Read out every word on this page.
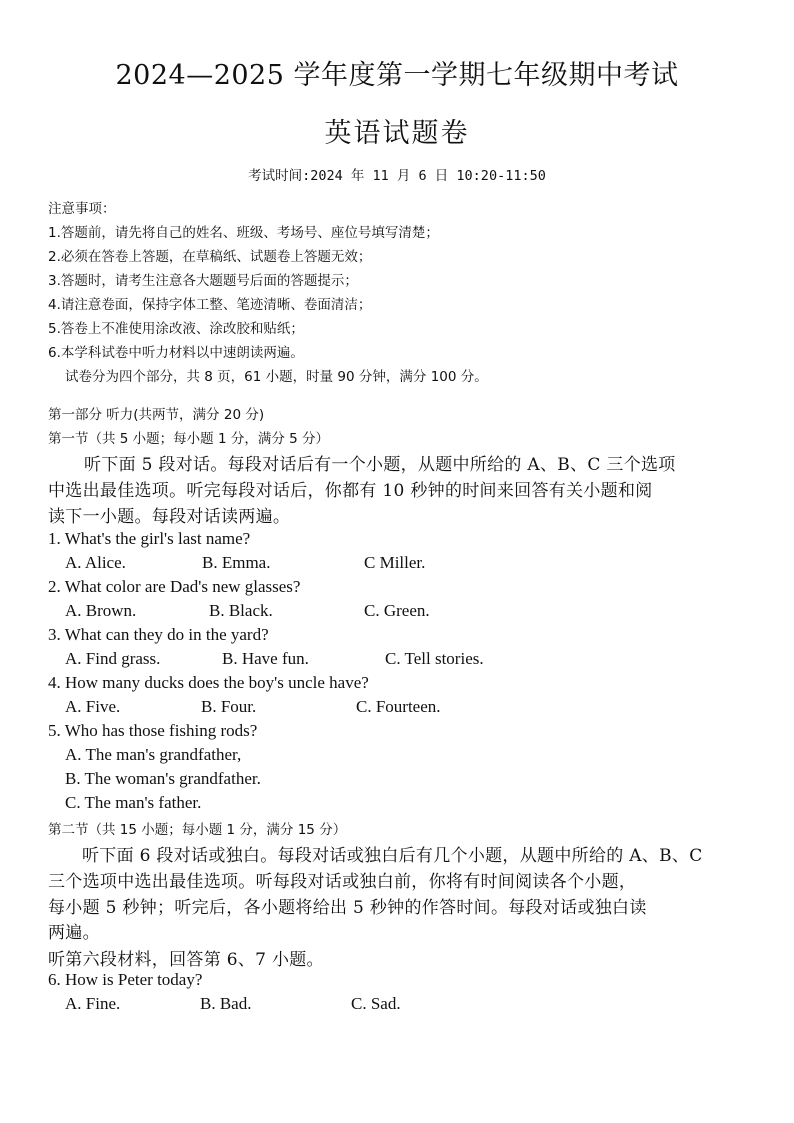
2024—2025 学年度第一学期七年级期中考试
英语试题卷
考试时间:2024 年 11 月 6 日 10:20-11:50
注意事项：
1.答题前，请先将自己的姓名、班级、考场号、座位号填写清楚；
2.必须在答卷上答题，在草稿纸、试题卷上答题无效；
3.答题时，请考生注意各大题题号后面的答题提示；
4.请注意卷面，保持字体工整、笔迹清晰、卷面清洁；
5.答卷上不准使用涂改液、涂改胶和贴纸；
6.本学科试卷中听力材料以中速朗读两遍。
试卷分为四个部分，共 8 页，61 小题，时量 90 分钟，满分 100 分。
第一部分 听力(共两节，满分 20 分)
第一节（共 5 小题；每小题 1 分，满分 5 分）
听下面 5 段对话。每段对话后有一个小题，从题中所给的 A、B、C 三个选项
中选出最佳选项。听完每段对话后，你都有 10 秒钟的时间来回答有关小题和阅
读下一小题。每段对话读两遍。
1. What's the girl's last name?
A. Alice.	B. Emma.	C Miller.
2. What color are Dad's new glasses?
A. Brown.	B. Black.	C. Green.
3. What can they do in the yard?
A. Find grass.	B. Have fun.	C. Tell stories.
4. How many ducks does the boy's uncle have?
A. Five.	B. Four.	C. Fourteen.
5. Who has those fishing rods?
A. The man's grandfather,
B. The woman's grandfather.
C. The man's father.
第二节（共 15 小题；每小题 1 分，满分 15 分）
听下面 6 段对话或独白。每段对话或独白后有几个小题，从题中所给的 A、B、C
三个选项中选出最佳选项。听每段对话或独白前，你将有时间阅读各个小题，
每小题 5 秒钟；听完后，各小题将给出 5 秒钟的作答时间。每段对话或独白读
两遍。
听第六段材料，回答第 6、7 小题。
6. How is Peter today?
A. Fine.	B. Bad.	C. Sad.
